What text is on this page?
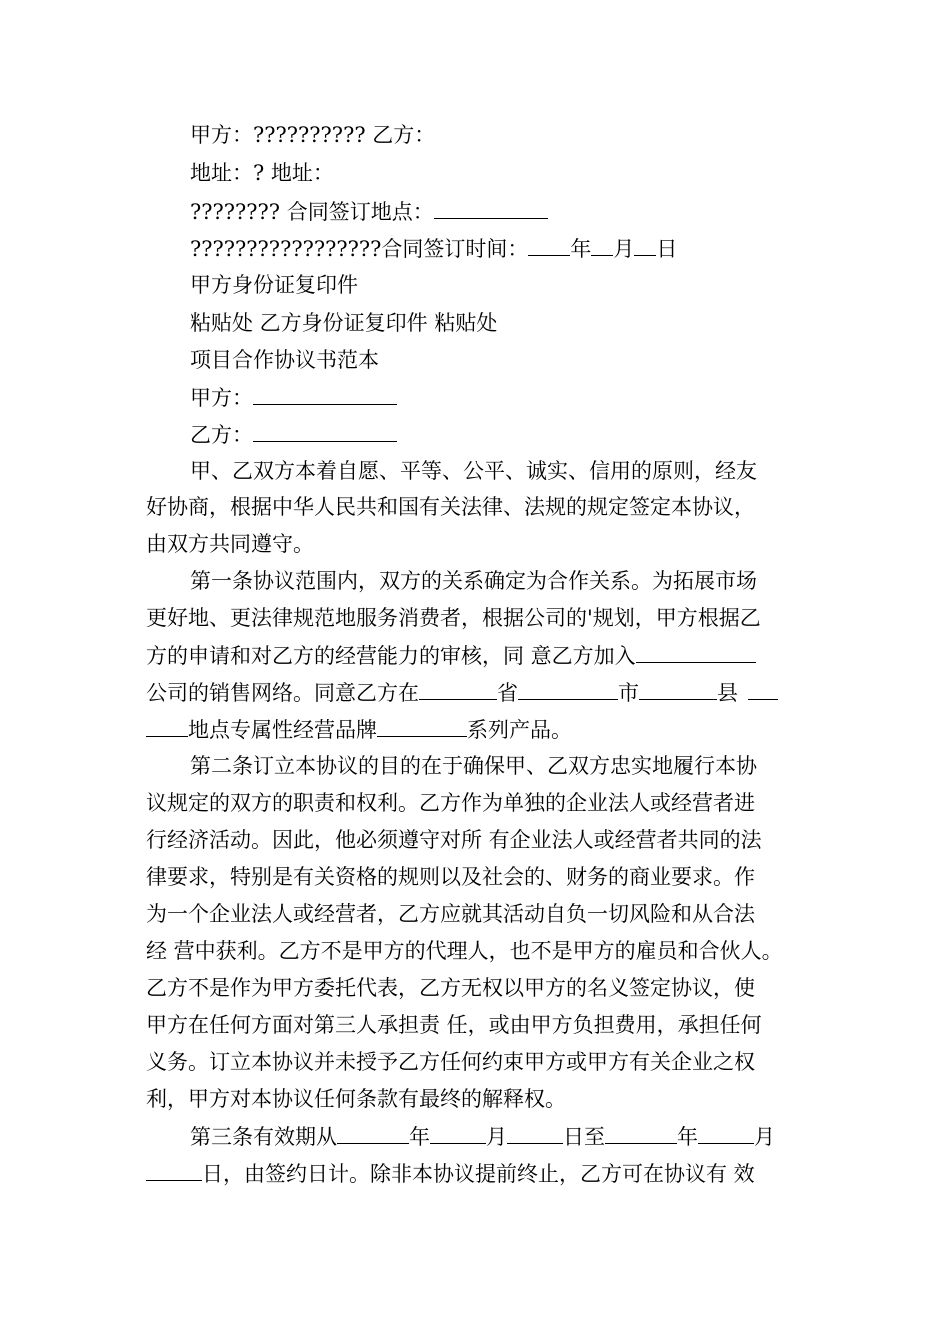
甲方：?????????? 乙方：
地址：? 地址：
???????? 合同签订地点：
?????????????????合同签订时间： 年 月 日
甲方身份证复印件
粘贴处 乙方身份证复印件 粘贴处
项目合作协议书范本
甲方：
乙方：
甲、乙双方本着自愿、平等、公平、诚实、信用的原则，经友
好协商，根据中华人民共和国有关法律、法规的规定签定本协议，
由双方共同遵守。
第一条协议范围内，双方的关系确定为合作关系。为拓展市场
更好地、更法律规范地服务消费者，根据公司的'规划，甲方根据乙
方的申请和对乙方的经营能力的审核，同 意乙方加入
公司的销售网络。同意乙方在	省	市	县
地点专属性经营品牌	系列产品。
第二条订立本协议的目的在于确保甲、乙双方忠实地履行本协
议规定的双方的职责和权利。乙方作为单独的企业法人或经营者进
行经济活动。因此，他必须遵守对所 有企业法人或经营者共同的法
律要求，特别是有关资格的规则以及社会的、财务的商业要求。作
为一个企业法人或经营者，乙方应就其活动自负一切风险和从合法
经 营中获利。乙方不是甲方的代理人，也不是甲方的雇员和合伙人。
乙方不是作为甲方委托代表，乙方无权以甲方的名义签定协议，使
甲方在任何方面对第三人承担责 任，或由甲方负担费用，承担任何
义务。订立本协议并未授予乙方任何约束甲方或甲方有关企业之权
利，甲方对本协议任何条款有最终的解释权。
第三条有效期从	年	月	日至	年	月
日，由签约日计。除非本协议提前终止，乙方可在协议有 效
